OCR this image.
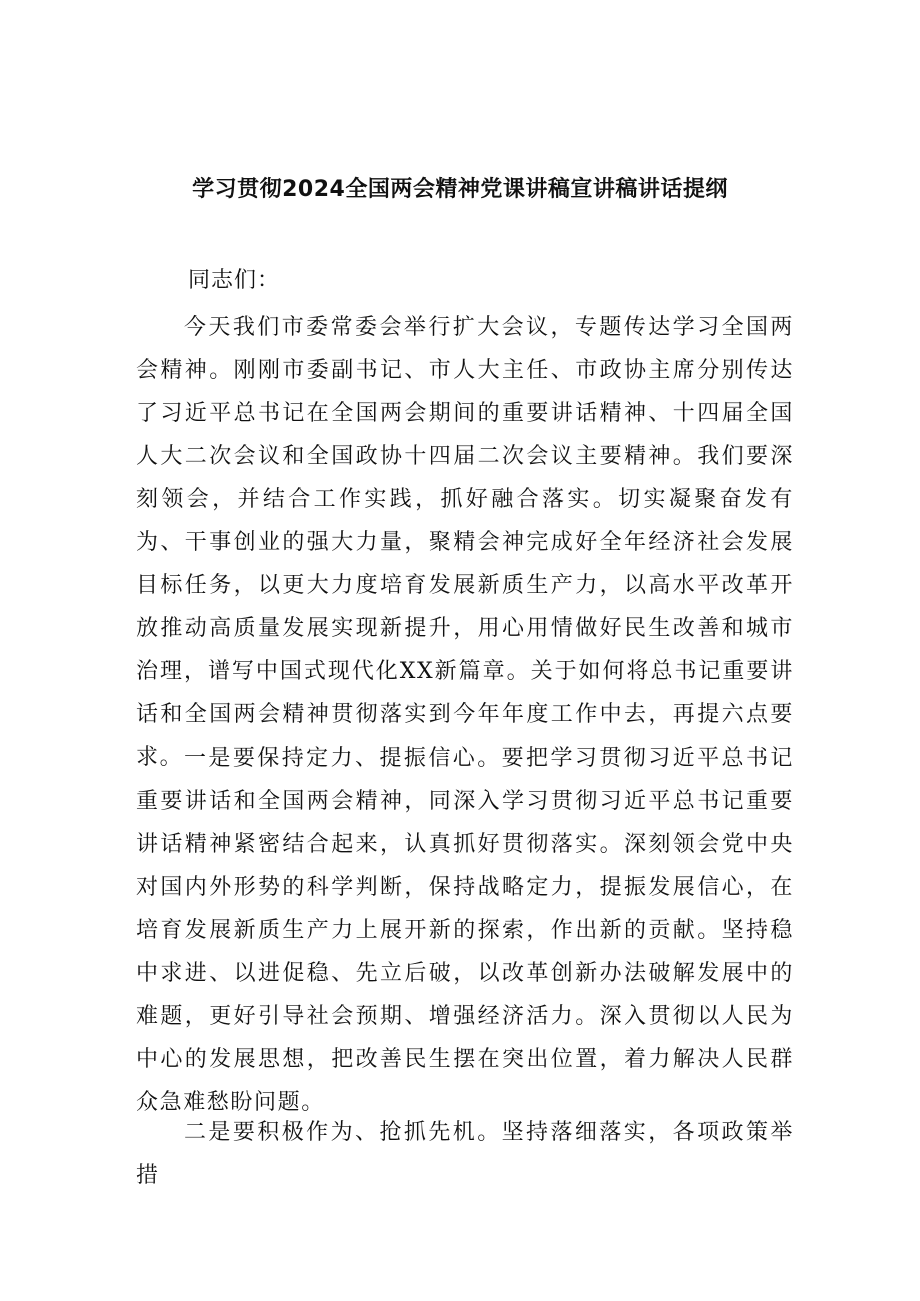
学习贯彻2024全国两会精神党课讲稿宣讲稿讲话提纲

同志们：

今天我们市委常委会举行扩大会议，专题传达学习全国两会精神。刚刚市委副书记、市人大主任、市政协主席分别传达了习近平总书记在全国两会期间的重要讲话精神、十四届全国人大二次会议和全国政协十四届二次会议主要精神。我们要深刻领会，并结合工作实践，抓好融合落实。切实凝聚奋发有为、干事创业的强大力量，聚精会神完成好全年经济社会发展目标任务，以更大力度培育发展新质生产力，以高水平改革开放推动高质量发展实现新提升，用心用情做好民生改善和城市治理，谱写中国式现代化XX新篇章。关于如何将总书记重要讲话和全国两会精神贯彻落实到今年年度工作中去，再提六点要求。 一是要保持定力、提振信心。要把学习贯彻习近平总书记重要讲话和全国两会精神，同深入学习贯彻习近平总书记重要讲话精神紧密结合起来，认真抓好贯彻落实。深刻领会党中央对国内外形势的科学判断，保持战略定力，提振发展信心，在培育发展新质生产力上展开新的探索，作出新的贡献。坚持稳中求进、以进促稳、先立后破，以改革创新办法破解发展中的难题，更好引导社会预期、增强经济活力。深入贯彻以人民为中心的发展思想，把改善民生摆在突出位置，着力解决人民群众急难愁盼问题。

二是要积极作为、抢抓先机。坚持落细落实，各项政策举措
